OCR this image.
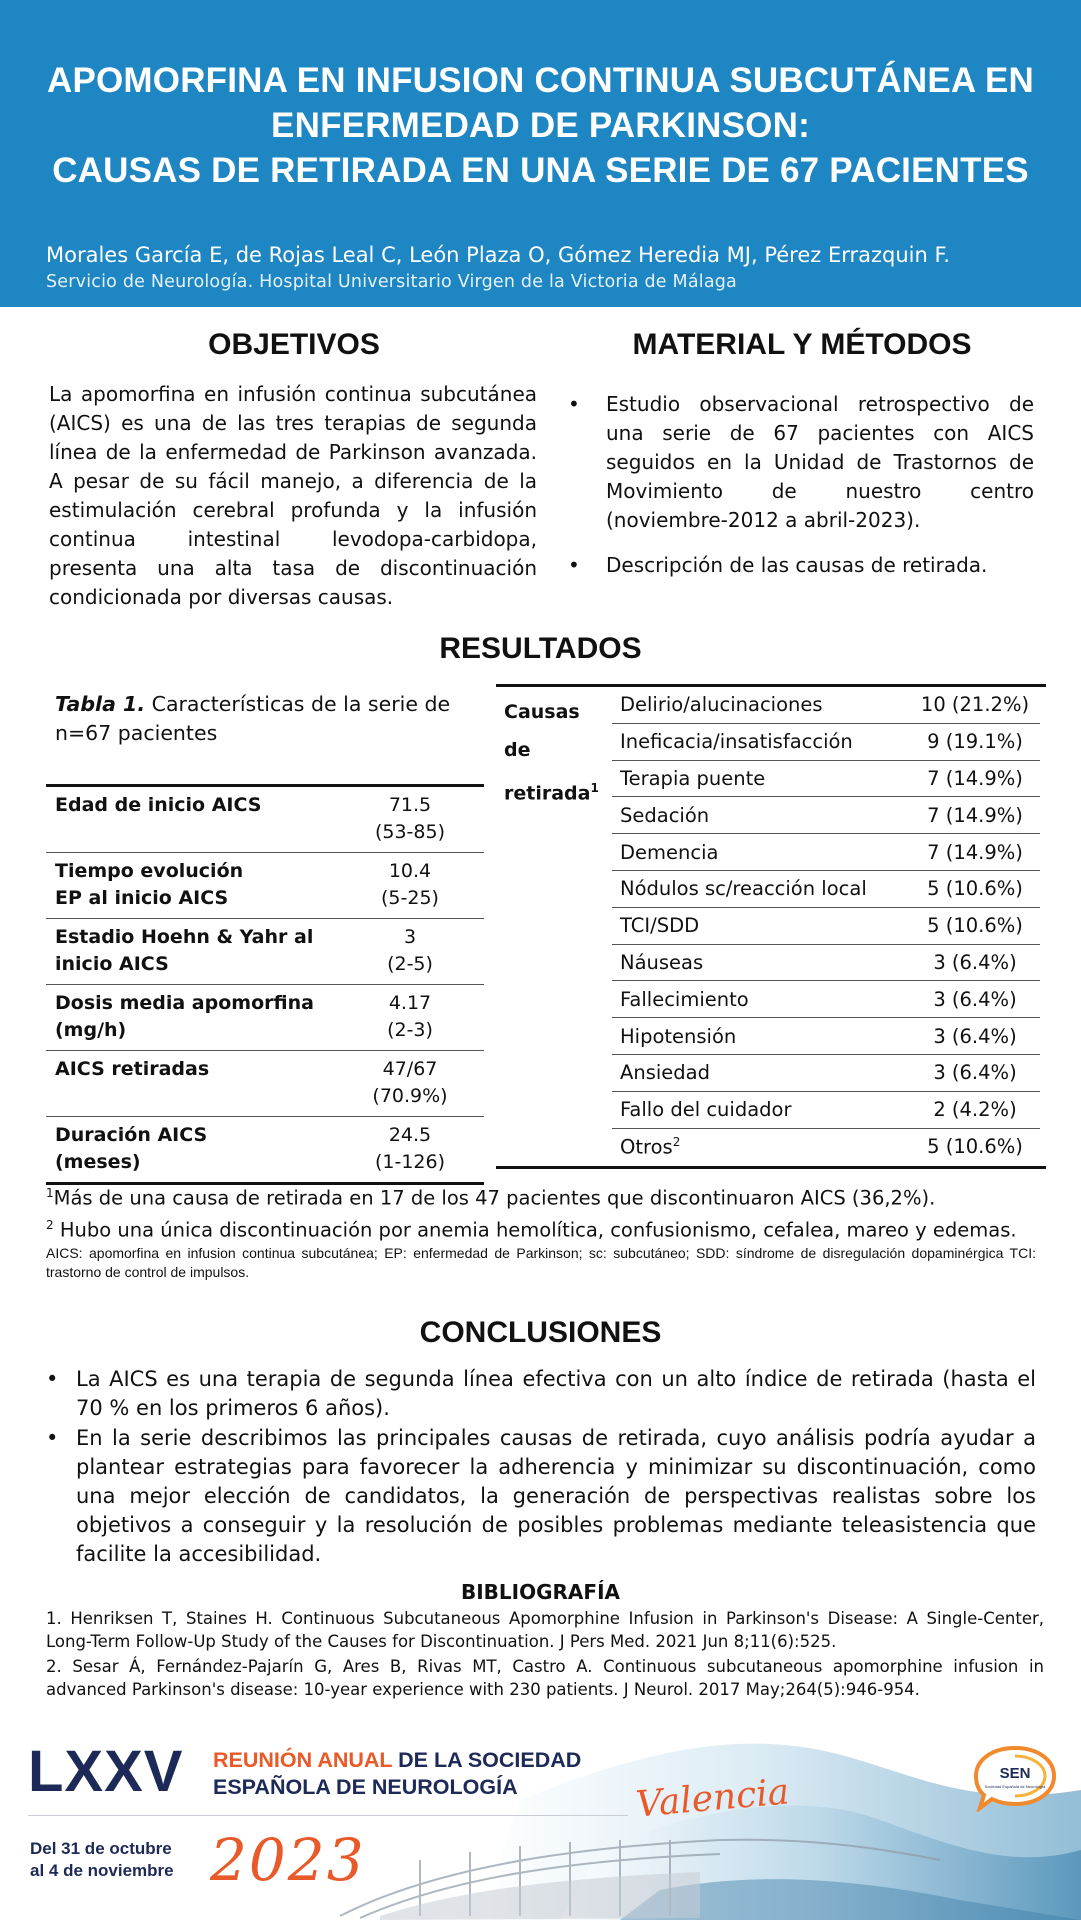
APOMORFINA EN INFUSION CONTINUA SUBCUTÁNEA EN
ENFERMEDAD DE PARKINSON:
CAUSAS DE RETIRADA EN UNA SERIE DE 67 PACIENTES
Morales García E, de Rojas Leal C, León Plaza O, Gómez Heredia MJ, Pérez Errazquin F.
Servicio de Neurología. Hospital Universitario Virgen de la Victoria de Málaga
OBJETIVOS
La apomorfina en infusión continua subcutánea (AICS) es una de las tres terapias de segunda línea de la enfermedad de Parkinson avanzada. A pesar de su fácil manejo, a diferencia de la estimulación cerebral profunda y la infusión continua intestinal levodopa-carbidopa, presenta una alta tasa de discontinuación condicionada por diversas causas.
MATERIAL Y MÉTODOS
• Estudio observacional retrospectivo de una serie de 67 pacientes con AICS seguidos en la Unidad de Trastornos de Movimiento de nuestro centro (noviembre-2012 a abril-2023).
• Descripción de las causas de retirada.
RESULTADOS
Tabla 1. Características de la serie de n=67 pacientes
Edad de inicio AICS	71.5
(53-85)
Tiempo evolución
EP al inicio AICS	10.4
(5-25)
Estadio Hoehn & Yahr al
inicio AICS	3
(2-5)
Dosis media apomorfina
(mg/h)	4.17
(2-3)
AICS retiradas	47/67
(70.9%)
Duración AICS
(meses)	24.5
(1-126)
Causas
de
retirada$^1$
Delirio/alucinaciones	10 (21.2%)
Ineficacia/insatisfacción	9 (19.1%)
Terapia puente	7 (14.9%)
Sedación	7 (14.9%)
Demencia	7 (14.9%)
Nódulos sc/reacción local	5 (10.6%)
TCI/SDD	5 (10.6%)
Náuseas	3 (6.4%)
Fallecimiento	3 (6.4%)
Hipotensión	3 (6.4%)
Ansiedad	3 (6.4%)
Fallo del cuidador	2 (4.2%)
Otros$^2$	5 (10.6%)
$^1$Más de una causa de retirada en 17 de los 47 pacientes que discontinuaron AICS (36,2%).
$^2$ Hubo una única discontinuación por anemia hemolítica, confusionismo, cefalea, mareo y edemas.
AICS: apomorfina en infusion continua subcutánea; EP: enfermedad de Parkinson; sc: subcutáneo; SDD: síndrome de disregulación dopaminérgica TCI: trastorno de control de impulsos.
CONCLUSIONES
• La AICS es una terapia de segunda línea efectiva con un alto índice de retirada (hasta el 70 % en los primeros 6 años).
• En la serie describimos las principales causas de retirada, cuyo análisis podría ayudar a plantear estrategias para favorecer la adherencia y minimizar su discontinuación, como una mejor elección de candidatos, la generación de perspectivas realistas sobre los objetivos a conseguir y la resolución de posibles problemas mediante teleasistencia que facilite la accesibilidad.
BIBLIOGRAFÍA

1. Henriksen T, Staines H. Continuous Subcutaneous Apomorphine Infusion in Parkinson's Disease: A Single-Center, Long-Term Follow-Up Study of the Causes for Discontinuation. J Pers Med. 2021 Jun 8;11(6):525.

2. Sesar Á, Fernández-Pajarín G, Ares B, Rivas MT, Castro A. Continuous subcutaneous apomorphine infusion in advanced Parkinson's disease: 10-year experience with 230 patients. J Neurol. 2017 May;264(5):946-954.

LXXV REUNIÓN ANUAL DE LA SOCIEDAD
ESPAÑOLA DE NEUROLOGÍA
Del 31 de octubre
al 4 de noviembre 2023
Valencia	SEN
Sociedad Española de Neurología
